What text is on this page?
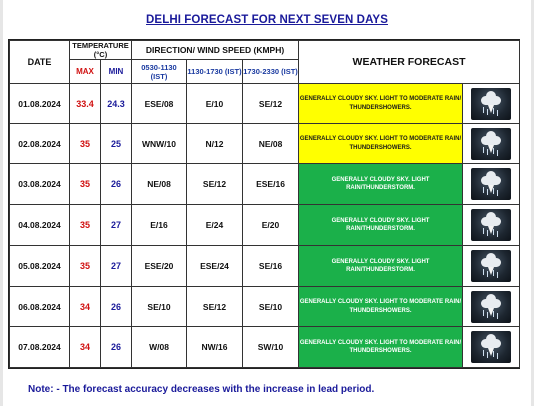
DELHI FORECAST FOR NEXT SEVEN DAYS
DATE	TEMPERATURE
(°C)		DIRECTION/ WIND SPEED (KMPH)			WEATHER FORECAST	
	MAX	MIN	0530-1130 (IST)	1130-1730 (IST)	1730-2330 (IST)		
01.08.2024	33.4	24.3	ESE/08	E/10	SE/12	GENERALLY CLOUDY SKY. LIGHT TO MODERATE RAIN/ THUNDERSHOWERS.	

02.08.2024	35	25	WNW/10	N/12	NE/08	GENERALLY CLOUDY SKY. LIGHT TO MODERATE RAIN/ THUNDERSHOWERS.	

03.08.2024	35	26	NE/08	SE/12	ESE/16	GENERALLY CLOUDY SKY. LIGHT RAIN/THUNDERSTORM.	

04.08.2024	35	27	E/16	E/24	E/20	GENERALLY CLOUDY SKY. LIGHT RAIN/THUNDERSTORM.	

05.08.2024	35	27	ESE/20	ESE/24	SE/16	GENERALLY CLOUDY SKY. LIGHT RAIN/THUNDERSTORM.	

06.08.2024	34	26	SE/10	SE/12	SE/10	GENERALLY CLOUDY SKY. LIGHT TO MODERATE RAIN/ THUNDERSHOWERS.	

07.08.2024	34	26	W/08	NW/16	SW/10	GENERALLY CLOUDY SKY. LIGHT TO MODERATE RAIN/ THUNDERSHOWERS.	
Note: - The forecast accuracy decreases with the increase in lead period.
